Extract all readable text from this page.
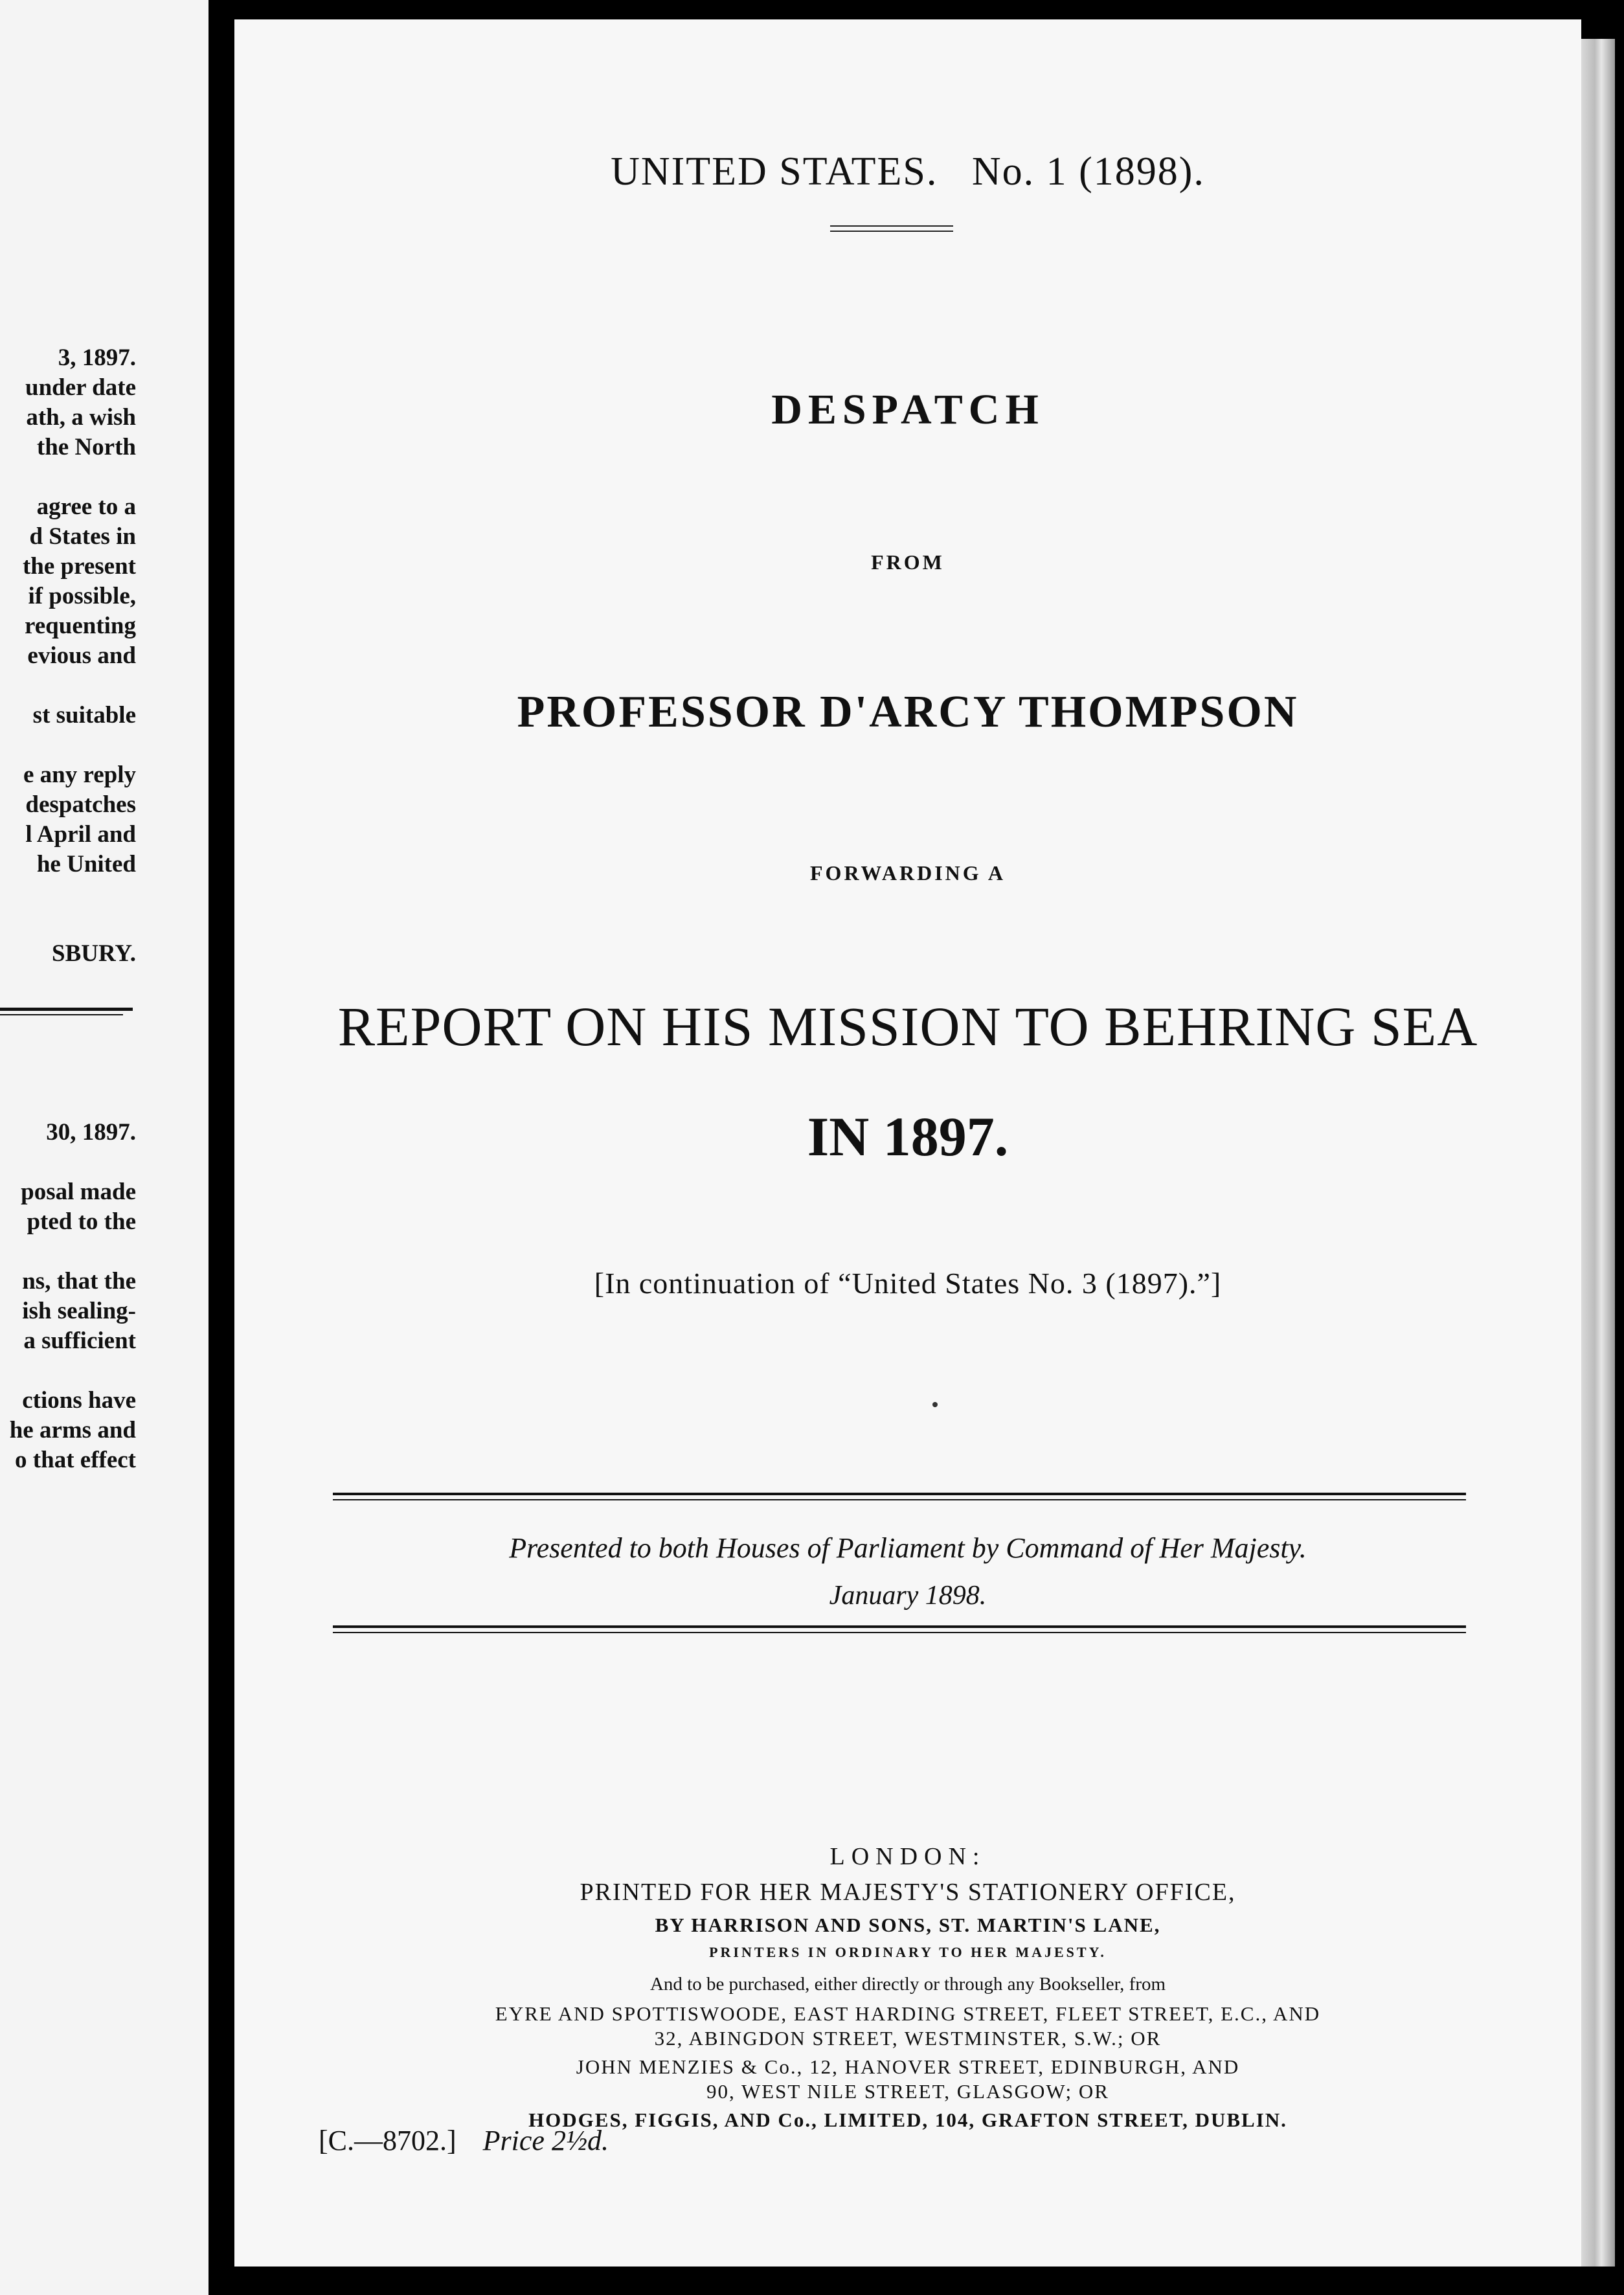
3, 1897.
under date
ath, a wish
the North

agree to a
d States in
the present
if possible,
requenting
evious and

st suitable

e any reply
despatches
l April and
he United

SBURY.

30, 1897.

posal made
pted to the

ns, that the
ish sealing-
a sufficient

ctions have
he arms and
o that effect
UNITED STATES.   No. 1 (1898).
DESPATCH
FROM
PROFESSOR D'ARCY THOMPSON
FORWARDING A
REPORT ON HIS MISSION TO BEHRING SEA
IN 1897.
[In continuation of “United States No. 3 (1897).”]
Presented to both Houses of Parliament by Command of Her Majesty.
January 1898.
LONDON:
PRINTED FOR HER MAJESTY'S STATIONERY OFFICE,
BY HARRISON AND SONS, ST. MARTIN'S LANE,
PRINTERS IN ORDINARY TO HER MAJESTY.
And to be purchased, either directly or through any Bookseller, from
EYRE AND SPOTTISWOODE, EAST HARDING STREET, FLEET STREET, E.C., AND
32, ABINGDON STREET, WESTMINSTER, S.W.; OR
JOHN MENZIES & Co., 12, HANOVER STREET, EDINBURGH, AND
90, WEST NILE STREET, GLASGOW; OR
HODGES, FIGGIS, AND Co., LIMITED, 104, GRAFTON STREET, DUBLIN.
[C.—8702.] Price 2½d.
